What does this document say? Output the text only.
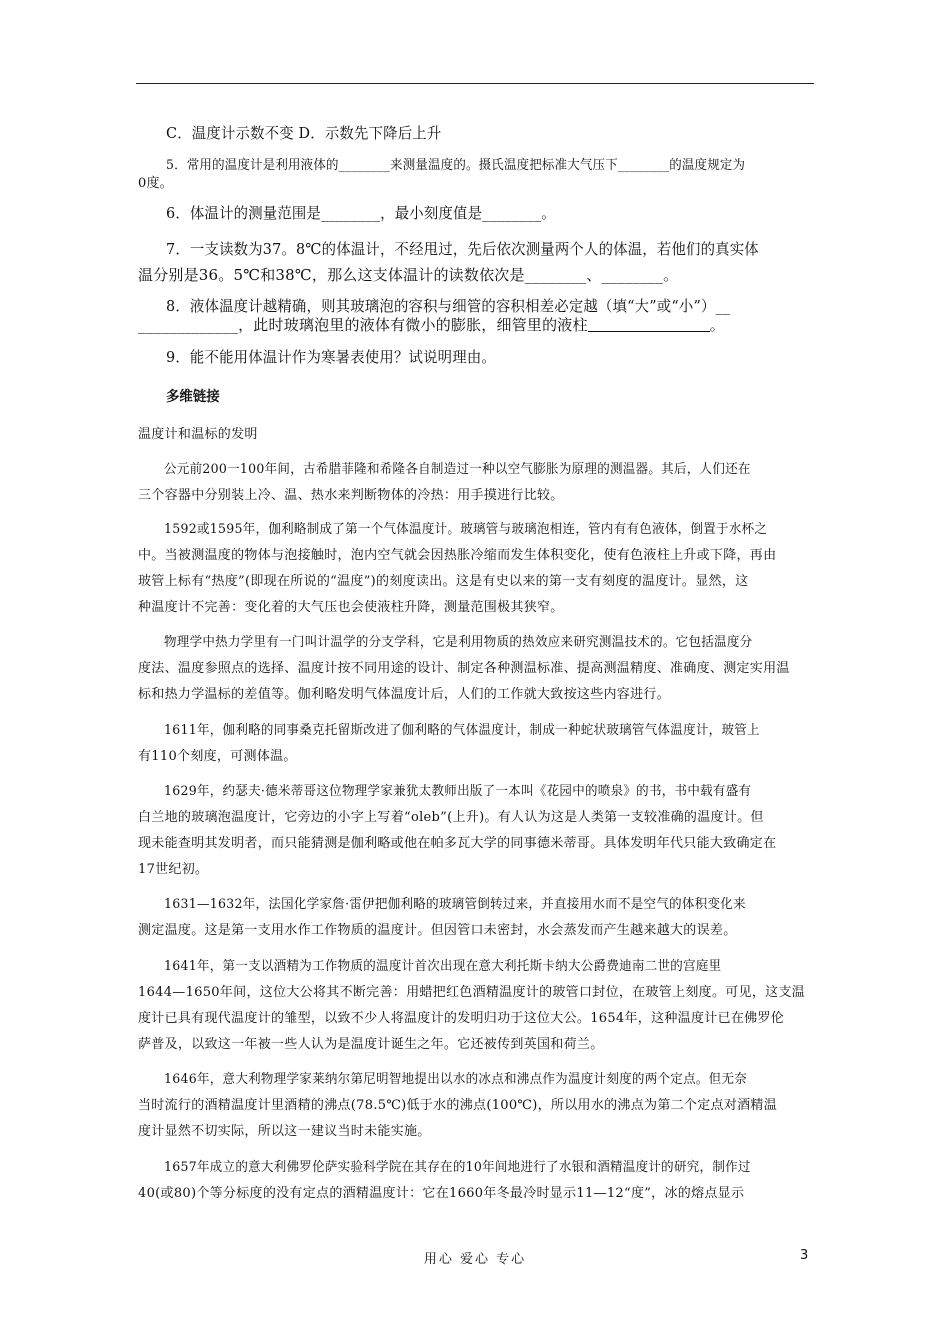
C．温度计示数不变 D．示数先下降后上升
5．常用的温度计是利用液体的________来测量温度的。摄氏温度把标准大气压下________的温度规定为
0度。
6．体温计的测量范围是________，最小刻度值是________。
7．一支读数为37。8℃的体温计，不经甩过，先后依次测量两个人的体温，若他们的真实体
温分别是36。5℃和38℃，那么这支体温计的读数依次是________、________。
8．液体温度计越精确，则其玻璃泡的容积与细管的容积相差必定越（填“大”或“小”）__
_____________，此时玻璃泡里的液体有微小的膨胀，细管里的液柱	。
9．能不能用体温计作为寒暑表使用？试说明理由。
多维链接
温度计和温标的发明
公元前200一100年间，古希腊菲隆和希隆各自制造过一种以空气膨胀为原理的测温器。其后，人们还在
三个容器中分别装上冷、温、热水来判断物体的冷热：用手摸进行比较。
1592或1595年，伽利略制成了第一个气体温度计。玻璃管与玻璃泡相连，管内有有色液体，倒置于水杯之
中。当被测温度的物体与泡接触时，泡内空气就会因热胀冷缩而发生体积变化，使有色液柱上升或下降，再由
玻管上标有“热度”(即现在所说的“温度”)的刻度读出。这是有史以来的第一支有刻度的温度计。显然，这
种温度计不完善：变化着的大气压也会使液柱升降，测量范围极其狭窄。
物理学中热力学里有一门叫计温学的分支学科，它是利用物质的热效应来研究测温技术的。它包括温度分
度法、温度参照点的选择、温度计按不同用途的设计、制定各种测温标准、提高测温精度、准确度、测定实用温
标和热力学温标的差值等。伽利略发明气体温度计后，人们的工作就大致按这些内容进行。
1611年，伽利略的同事桑克托留斯改进了伽利略的气体温度计，制成一种蛇状玻璃管气体温度计，玻管上
有110个刻度，可测体温。
1629年，约瑟夫·德米蒂哥这位物理学家兼犹太教师出版了一本叫《花园中的喷泉》的书，书中载有盛有
白兰地的玻璃泡温度计，它旁边的小字上写着“oleb”(上升)。有人认为这是人类第一支较准确的温度计。但
现未能查明其发明者，而只能猜测是伽利略或他在帕多瓦大学的同事德米蒂哥。具体发明年代只能大致确定在
17世纪初。
1631—1632年，法国化学家詹·雷伊把伽利略的玻璃管倒转过来，并直接用水而不是空气的体积变化来
测定温度。这是第一支用水作工作物质的温度计。但因管口未密封，水会蒸发而产生越来越大的误差。
1641年，第一支以酒精为工作物质的温度计首次出现在意大利托斯卡纳大公爵费迪南二世的宫庭里
1644—1650年间，这位大公将其不断完善：用蜡把红色酒精温度计的玻管口封位，在玻管上刻度。可见，这支温
度计已具有现代温度计的雏型，以致不少人将温度计的发明归功于这位大公。1654年，这种温度计已在佛罗伦
萨普及，以致这一年被一些人认为是温度计诞生之年。它还被传到英国和荷兰。
1646年，意大利物理学家莱纳尔第尼明智地提出以水的冰点和沸点作为温度计刻度的两个定点。但无奈
当时流行的酒精温度计里酒精的沸点(78.5℃)低于水的沸点(100℃)，所以用水的沸点为第二个定点对酒精温
度计显然不切实际，所以这一建议当时未能实施。
1657年成立的意大利佛罗伦萨实验科学院在其存在的10年间地进行了水银和酒精温度计的研究，制作过
40(或80)个等分标度的没有定点的酒精温度计：它在1660年冬最冷时显示11—12“度”，冰的熔点显示
用心 爱心 专心	3
